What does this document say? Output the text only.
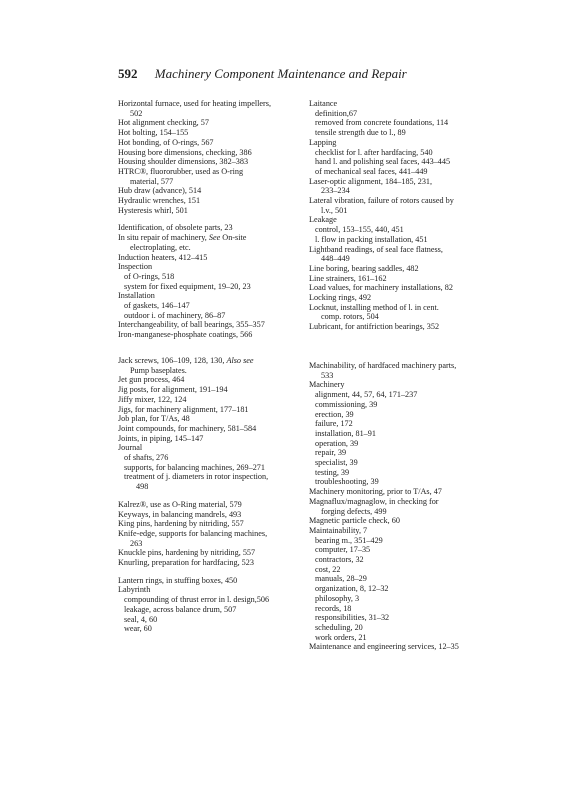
592 Machinery Component Maintenance and Repair
Horizontal furnace, used for heating impellers,
502
Hot alignment checking, 57
Hot bolting, 154–155
Hot bonding, of O-rings, 567
Housing bore dimensions, checking, 386
Housing shoulder dimensions, 382–383
HTRC®, fluororubber, used as O-ring
material, 577
Hub draw (advance), 514
Hydraulic wrenches, 151
Hysteresis whirl, 501
Identification, of obsolete parts, 23
In situ repair of machinery, See On-site
electroplating, etc.
Induction heaters, 412–415
Inspection
of O-rings, 518
system for fixed equipment, 19–20, 23
Installation
of gaskets, 146–147
outdoor i. of machinery, 86–87
Interchangeability, of ball bearings, 355–357
Iron-manganese-phosphate coatings, 566
Jack screws, 106–109, 128, 130, Also see
Pump baseplates.
Jet gun process, 464
Jig posts, for alignment, 191–194
Jiffy mixer, 122, 124
Jigs, for machinery alignment, 177–181
Job plan, for T/As, 48
Joint compounds, for machinery, 581–584
Joints, in piping, 145–147
Journal
of shafts, 276
supports, for balancing machines, 269–271
treatment of j. diameters in rotor inspection,
498
Kalrez®, use as O-Ring material, 579
Keyways, in balancing mandrels, 493
King pins, hardening by nitriding, 557
Knife-edge, supports for balancing machines,
263
Knuckle pins, hardening by nitriding, 557
Knurling, preparation for hardfacing, 523
Lantern rings, in stuffing boxes, 450
Labyrinth
compounding of thrust error in l. design,506
leakage, across balance drum, 507
seal, 4, 60
wear, 60
Laitance
definition,67
removed from concrete foundations, 114
tensile strength due to l., 89
Lapping
checklist for l. after hardfacing, 540
hand l. and polishing seal faces, 443–445
of mechanical seal faces, 441–449
Laser-optic alignment, 184–185, 231,
233–234
Lateral vibration, failure of rotors caused by
l.v., 501
Leakage
control, 153–155, 440, 451
l. flow in packing installation, 451
Lightband readings, of seal face flatness,
448–449
Line boring, bearing saddles, 482
Line strainers, 161–162
Load values, for machinery installations, 82
Locking rings, 492
Locknut, installing method of l. in cent.
comp. rotors, 504
Lubricant, for antifriction bearings, 352
Machinability, of hardfaced machinery parts,
533
Machinery
alignment, 44, 57, 64, 171–237
commissioning, 39
erection, 39
failure, 172
installation, 81–91
operation, 39
repair, 39
specialist, 39
testing, 39
troubleshooting, 39
Machinery monitoring, prior to T/As, 47
Magnaflux/magnaglow, in checking for
forging defects, 499
Magnetic particle check, 60
Maintainability, 7
bearing m., 351–429
computer, 17–35
contractors, 32
cost, 22
manuals, 28–29
organization, 8, 12–32
philosophy, 3
records, 18
responsibilities, 31–32
scheduling, 20
work orders, 21
Maintenance and engineering services, 12–35
